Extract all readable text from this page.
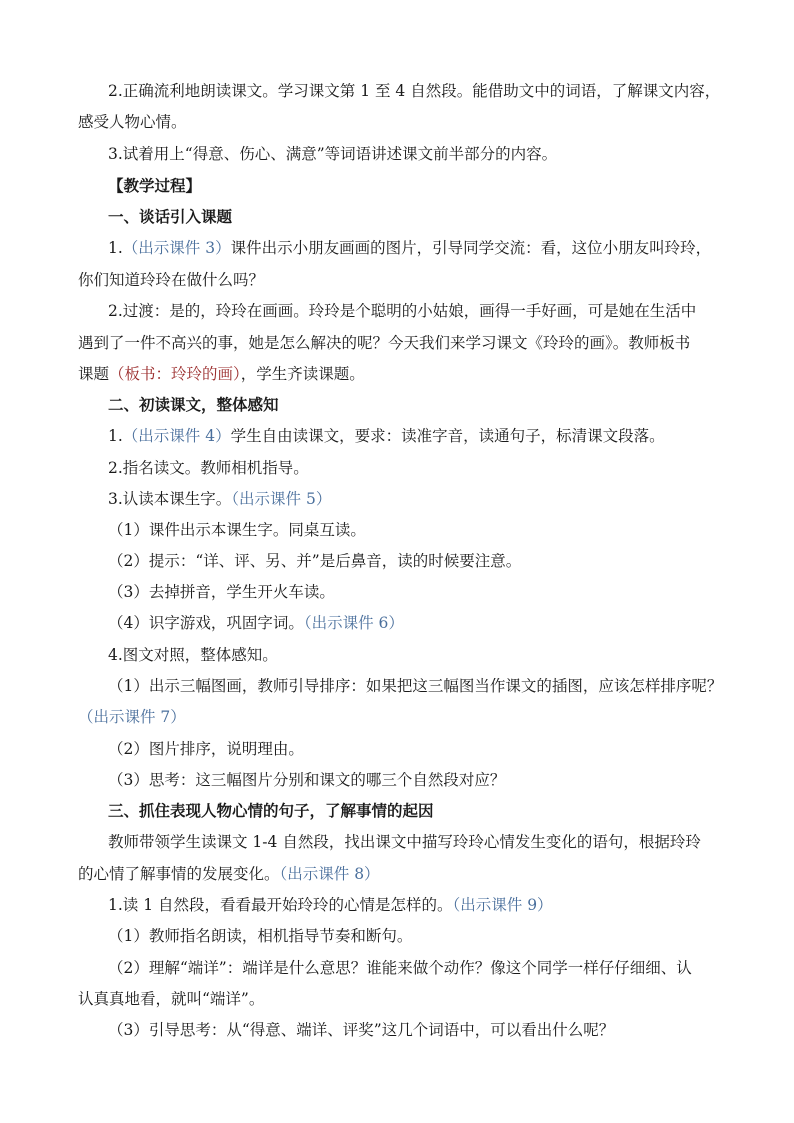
2.正确流利地朗读课文。学习课文第 1 至 4 自然段。能借助文中的词语，了解课文内容，
感受人物心情。
3.试着用上“得意、伤心、满意”等词语讲述课文前半部分的内容。
【教学过程】
一、谈话引入课题
1.（出示课件 3）课件出示小朋友画画的图片，引导同学交流：看，这位小朋友叫玲玲，
你们知道玲玲在做什么吗？
2.过渡：是的，玲玲在画画。玲玲是个聪明的小姑娘，画得一手好画，可是她在生活中
遇到了一件不高兴的事，她是怎么解决的呢？今天我们来学习课文《玲玲的画》。教师板书
课题（板书：玲玲的画），学生齐读课题。
二、初读课文，整体感知
1.（出示课件 4）学生自由读课文，要求：读准字音，读通句子，标清课文段落。
2.指名读文。教师相机指导。
3.认读本课生字。（出示课件 5）
（1）课件出示本课生字。同桌互读。
（2）提示：“详、评、另、并”是后鼻音，读的时候要注意。
（3）去掉拼音，学生开火车读。
（4）识字游戏，巩固字词。（出示课件 6）
4.图文对照，整体感知。
（1）出示三幅图画，教师引导排序：如果把这三幅图当作课文的插图，应该怎样排序呢？
（出示课件 7）
（2）图片排序，说明理由。
（3）思考：这三幅图片分别和课文的哪三个自然段对应？
三、抓住表现人物心情的句子，了解事情的起因
教师带领学生读课文 1-4 自然段，找出课文中描写玲玲心情发生变化的语句，根据玲玲
的心情了解事情的发展变化。（出示课件 8）
1.读 1 自然段，看看最开始玲玲的心情是怎样的。（出示课件 9）
（1）教师指名朗读，相机指导节奏和断句。
（2）理解“端详”：端详是什么意思？谁能来做个动作？像这个同学一样仔仔细细、认
认真真地看，就叫“端详”。
（3）引导思考：从“得意、端详、评奖”这几个词语中，可以看出什么呢？
